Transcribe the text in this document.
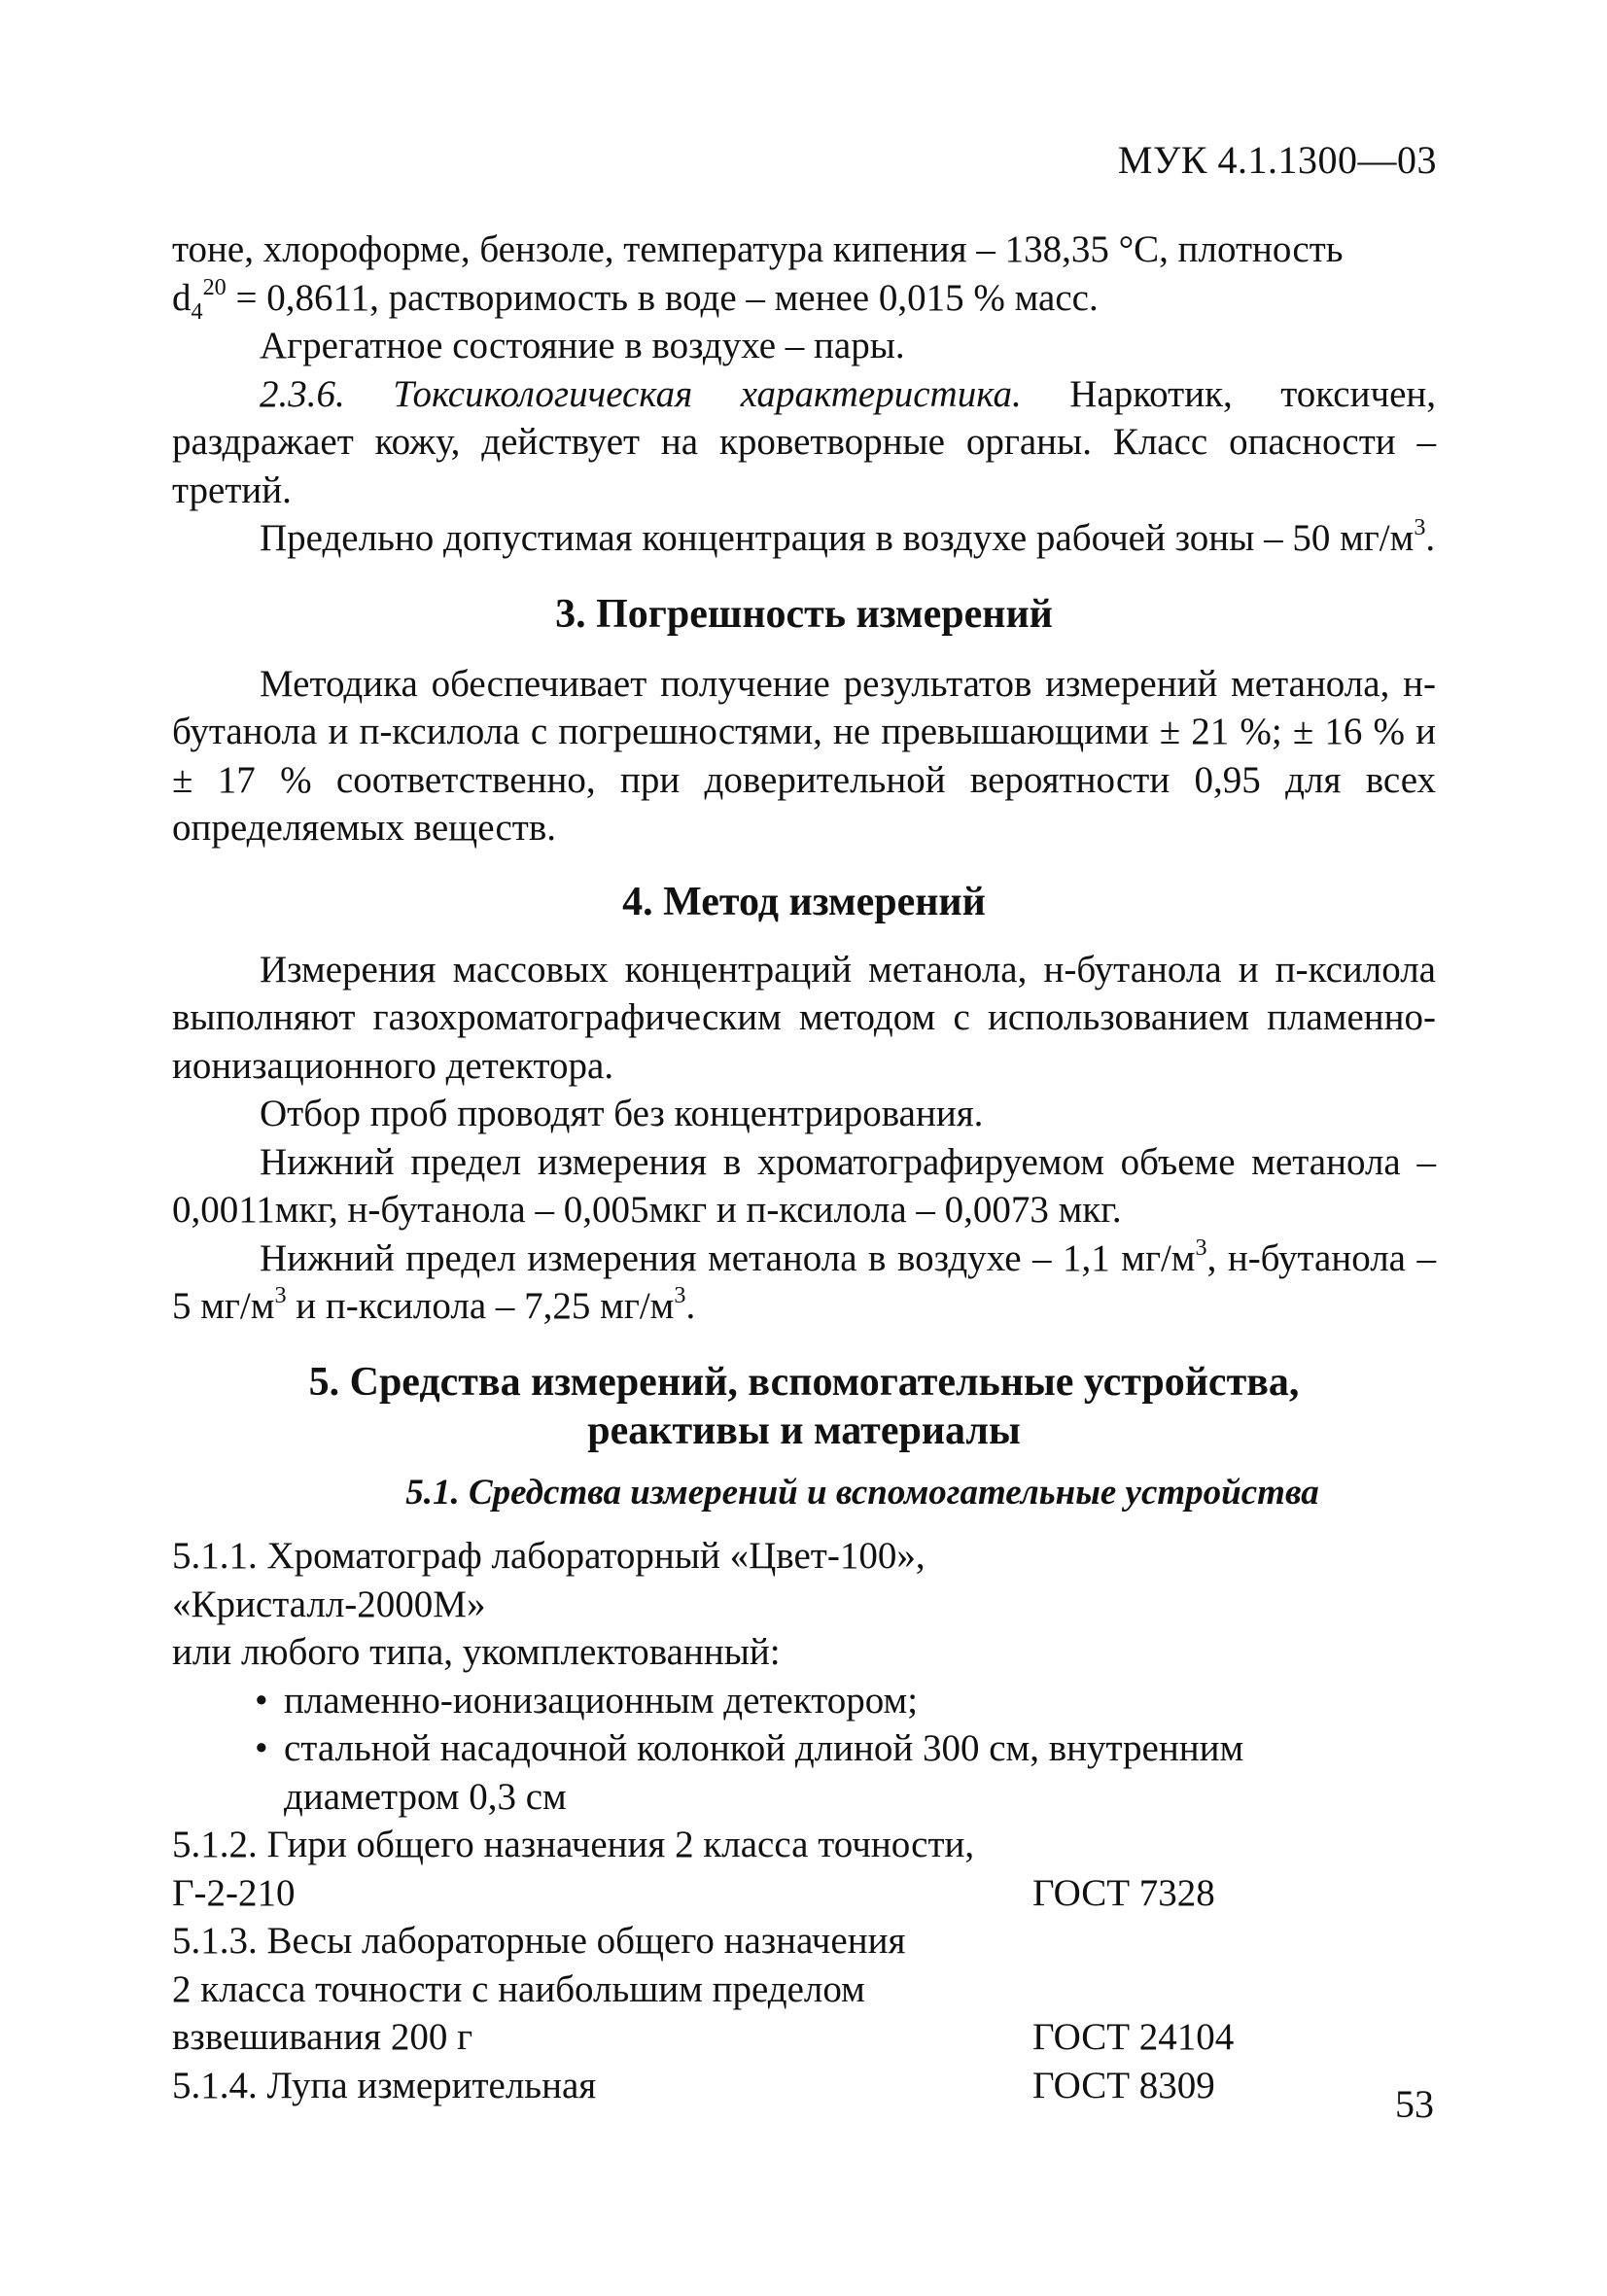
МУК 4.1.1300—03

тоне, хлороформе, бензоле, температура кипения – 138,35 °С, плотность

$d_4^{20} = 0,8611$, растворимость в воде – менее 0,015 % масс.

Агрегатное состояние в воздухе – пары.

2.3.6. Токсикологическая характеристика. Наркотик, токсичен, раздражает кожу, действует на кроветворные органы. Класс опасности – третий.

Предельно допустимая концентрация в воздухе рабочей зоны – 50 $мг/м^3$.

3. Погрешность измерений

Методика обеспечивает получение результатов измерений метанола, н-бутанола и п-ксилола с погрешностями, не превышающими ± 21 %; ± 16 % и ± 17 % соответственно, при доверительной вероятности 0,95 для всех определяемых веществ.

4. Метод измерений

Измерения массовых концентраций метанола, н-бутанола и п-ксилола выполняют газохроматографическим методом с использованием пламенно-ионизационного детектора.

Отбор проб проводят без концентрирования.

Нижний предел измерения в хроматографируемом объеме метанола – 0,0011мкг, н-бутанола – 0,005мкг и п-ксилола – 0,0073 мкг.

Нижний предел измерения метанола в воздухе – 1,1 $мг/м^3$, н-бутанола – 5 $мг/м^3$ и п-ксилола – 7,25 $мг/м^3$.

5. Средства измерений, вспомогательные устройства,
реактивы и материалы
5.1. Средства измерений и вспомогательные устройства

5.1.1. Хроматограф лабораторный «Цвет-100»,

«Кристалл-2000М»

или любого типа, укомплектованный:

• пламенно-ионизационным детектором;
• стальной насадочной колонкой длиной 300 см, внутренним диаметром 0,3 см

5.1.2. Гири общего назначения 2 класса точности,

Г-2-210	ГОСТ 7328

5.1.3. Весы лабораторные общего назначения

2 класса точности с наибольшим пределом

взвешивания 200 г	ГОСТ 24104
5.1.4. Лупа измерительная	ГОСТ 8309	53
